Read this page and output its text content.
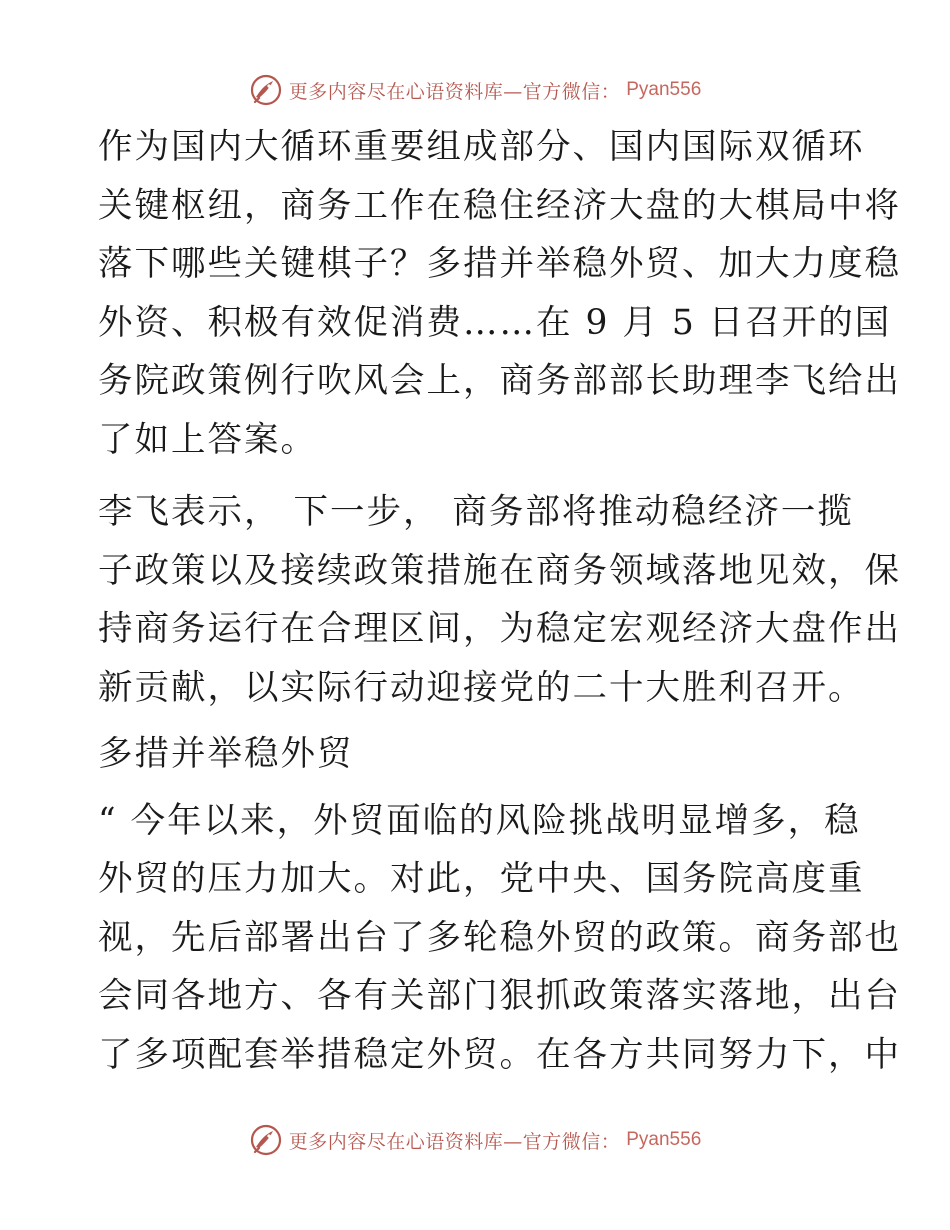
更多内容尽在心语资料库—官方微信： Pyan556

作为国内大循环重要组成部分、国内国际双循环
关键枢纽，商务工作在稳住经济大盘的大棋局中将
落下哪些关键棋子？多措并举稳外贸、加大力度稳
外资、积极有效促消费……在 9 月 5 日召开的国
务院政策例行吹风会上，商务部部长助理李飞给出
了如上答案。

李飞表示， 下一步， 商务部将推动稳经济一揽
子政策以及接续政策措施在商务领域落地见效，保
持商务运行在合理区间，为稳定宏观经济大盘作出
新贡献，以实际行动迎接党的二十大胜利召开。

多措并举稳外贸

“ 今年以来，外贸面临的风险挑战明显增多，稳
外贸的压力加大。对此，党中央、国务院高度重
视，先后部署出台了多轮稳外贸的政策。商务部也
会同各地方、各有关部门狠抓政策落实落地，出台
了多项配套举措稳定外贸。在各方共同努力下，中

更多内容尽在心语资料库—官方微信： Pyan556
